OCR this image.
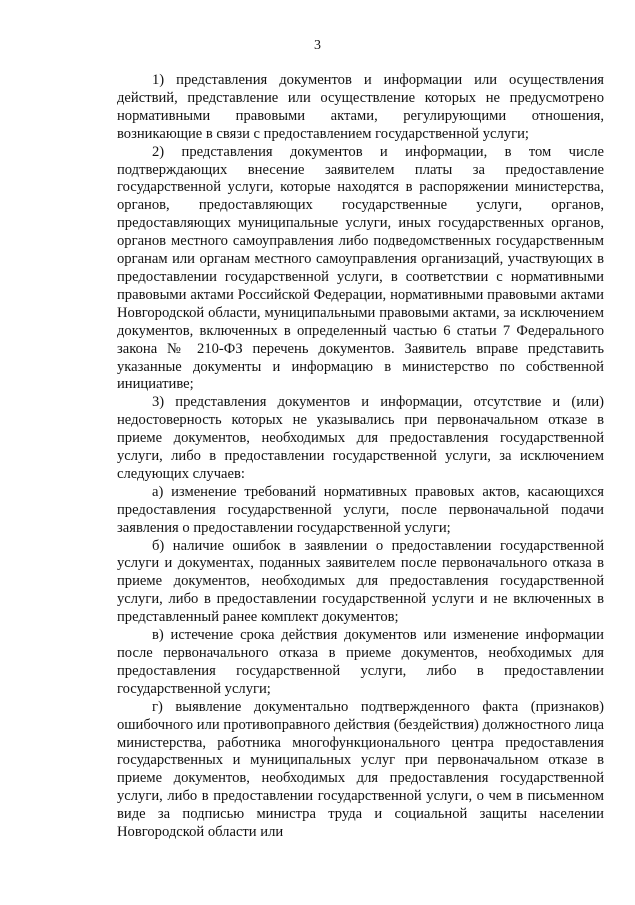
3

1) представления документов и информации или осуществления действий, представление или осуществление которых не предусмотрено нормативными правовыми актами, регулирующими отношения, возникающие в связи с предоставлением государственной услуги;

2) представления документов и информации, в том числе подтверждающих внесение заявителем платы за предоставление государственной услуги, которые находятся в распоряжении министерства, органов, предоставляющих государственные услуги, органов, предоставляющих муниципальные услуги, иных государственных органов, органов местного самоуправления либо подведомственных государственным органам или органам местного самоуправления организаций, участвующих в предоставлении государственной услуги, в соответствии с нормативными правовыми актами Российской Федерации, нормативными правовыми актами Новгородской области, муниципальными правовыми актами, за исключением документов, включенных в определенный частью 6 статьи 7 Федерального закона № 210-ФЗ перечень документов. Заявитель вправе представить указанные документы и информацию в министерство по собственной инициативе;

3) представления документов и информации, отсутствие и (или) недостоверность которых не указывались при первоначальном отказе в приеме документов, необходимых для предоставления государственной услуги, либо в предоставлении государственной услуги, за исключением следующих случаев:

а) изменение требований нормативных правовых актов, касающихся предоставления государственной услуги, после первоначальной подачи заявления о предоставлении государственной услуги;

б) наличие ошибок в заявлении о предоставлении государственной услуги и документах, поданных заявителем после первоначального отказа в приеме документов, необходимых для предоставления государственной услуги, либо в предоставлении государственной услуги и не включенных в представленный ранее комплект документов;

в) истечение срока действия документов или изменение информации после первоначального отказа в приеме документов, необходимых для предоставления государственной услуги, либо в предоставлении государственной услуги;

г) выявление документально подтвержденного факта (признаков) ошибочного или противоправного действия (бездействия) должностного лица министерства, работника многофункционального центра предоставления государственных и муниципальных услуг при первоначальном отказе в приеме документов, необходимых для предоставления государственной услуги, либо в предоставлении государственной услуги, о чем в письменном виде за подписью министра труда и социальной защиты населении Новгородской области или
